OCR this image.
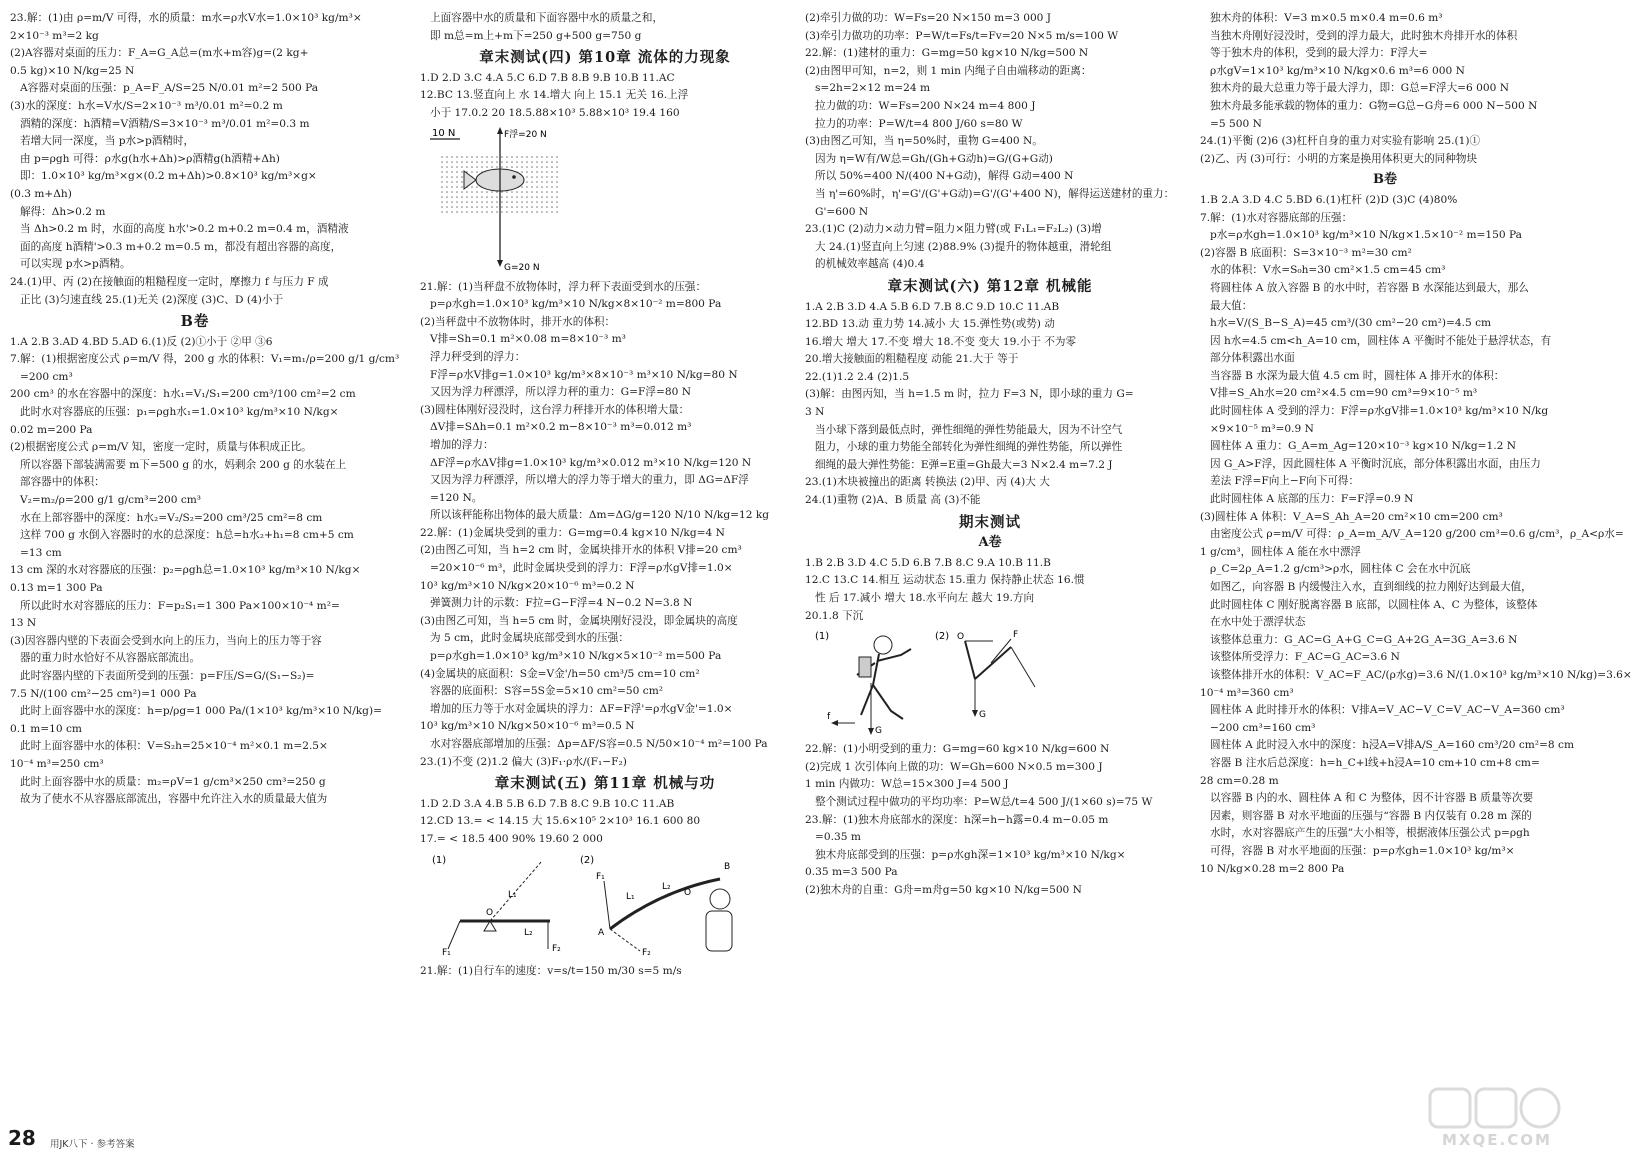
23.解：(1)由 ρ=m/V 可得，水的质量：m水=ρ水V水=1.0×10³ kg/m³×

2×10⁻³ m³=2 kg

(2)A容器对桌面的压力：F_A=G_A总=(m水+m容)g=(2 kg+

0.5 kg)×10 N/kg=25 N

A容器对桌面的压强：p_A=F_A/S=25 N/0.01 m²=2 500 Pa

(3)水的深度：h水=V水/S=2×10⁻³ m³/0.01 m²=0.2 m

酒精的深度：h酒精=V酒精/S=3×10⁻³ m³/0.01 m²=0.3 m

若增大同一深度，当 p水>p酒精时，

由 p=ρgh 可得：ρ水g(h水+Δh)>ρ酒精g(h酒精+Δh)

即：1.0×10³ kg/m³×g×(0.2 m+Δh)>0.8×10³ kg/m³×g×

(0.3 m+Δh)

解得：Δh>0.2 m

当 Δh>0.2 m 时，水面的高度 h水'>0.2 m+0.2 m=0.4 m，酒精液

面的高度 h酒精'>0.3 m+0.2 m=0.5 m，都没有超出容器的高度，

可以实现 p水>p酒精。

24.(1)甲、丙 (2)在接触面的粗糙程度一定时，摩擦力 f 与压力 F 成

正比 (3)匀速直线 25.(1)无关 (2)深度 (3)C、D (4)小于

B卷

1.A 2.B 3.AD 4.BD 5.AD 6.(1)反 (2)①小于 ②甲 ③6

7.解：(1)根据密度公式 ρ=m/V 得，200 g 水的体积：V₁=m₁/ρ=200 g/1 g/cm³

=200 cm³

200 cm³ 的水在容器中的深度：h水₁=V₁/S₁=200 cm³/100 cm²=2 cm

此时水对容器底的压强：p₁=ρgh水₁=1.0×10³ kg/m³×10 N/kg×

0.02 m=200 Pa

(2)根据密度公式 ρ=m/V 知，密度一定时，质量与体积成正比。

所以容器下部装满需要 m下=500 g 的水，妈剩余 200 g 的水装在上

部容器中的体积：

V₂=m₂/ρ=200 g/1 g/cm³=200 cm³

水在上部容器中的深度：h水₂=V₂/S₂=200 cm³/25 cm²=8 cm

这样 700 g 水倒入容器时的水的总深度：h总=h水₂+h₁=8 cm+5 cm

=13 cm

13 cm 深的水对容器底的压强：p₂=ρgh总=1.0×10³ kg/m³×10 N/kg×

0.13 m=1 300 Pa

所以此时水对容器底的压力：F=p₂S₁=1 300 Pa×100×10⁻⁴ m²=

13 N

(3)因容器内壁的下表面会受到水向上的压力，当向上的压力等于容

器的重力时水恰好不从容器底部流出。

此时容器内壁的下表面所受到的压强：p=F压/S=G/(S₁−S₂)=

7.5 N/(100 cm²−25 cm²)=1 000 Pa

此时上面容器中水的深度：h=p/ρg=1 000 Pa/(1×10³ kg/m³×10 N/kg)=

0.1 m=10 cm

此时上面容器中水的体积：V=S₂h=25×10⁻⁴ m²×0.1 m=2.5×

10⁻⁴ m³=250 cm³

此时上面容器中水的质量：m₂=ρV=1 g/cm³×250 cm³=250 g

故为了使水不从容器底部流出，容器中允许注入水的质量最大值为

上面容器中水的质量和下面容器中水的质量之和，

即 m总=m上+m下=250 g+500 g=750 g

章末测试(四) 第10章 流体的力现象

1.D 2.D 3.C 4.A 5.C 6.D 7.B 8.B 9.B 10.B 11.AC

12.BC 13.竖直向上 水 14.增大 向上 15.1 无关 16.上浮

小于 17.0.2 20 18.5.88×10³ 5.88×10³ 19.4 160

10 N	F浮=20 N
G=20 N

21.解：(1)当秤盘不放物体时，浮力秤下表面受到水的压强：

p=ρ水gh=1.0×10³ kg/m³×10 N/kg×8×10⁻² m=800 Pa

(2)当秤盘中不放物体时，排开水的体积：

V排=Sh=0.1 m²×0.08 m=8×10⁻³ m³

浮力秤受到的浮力：

F浮=ρ水V排g=1.0×10³ kg/m³×8×10⁻³ m³×10 N/kg=80 N

又因为浮力秤漂浮，所以浮力秤的重力：G=F浮=80 N

(3)圆柱体刚好浸没时，这台浮力秤排开水的体积增大量：

ΔV排=SΔh=0.1 m²×0.2 m−8×10⁻³ m³=0.012 m³

增加的浮力：

ΔF浮=ρ水ΔV排g=1.0×10³ kg/m³×0.012 m³×10 N/kg=120 N

又因为浮力秤漂浮，所以增大的浮力等于增大的重力，即 ΔG=ΔF浮

=120 N。

所以该秤能称出物体的最大质量：Δm=ΔG/g=120 N/10 N/kg=12 kg

22.解：(1)金属块受到的重力：G=mg=0.4 kg×10 N/kg=4 N

(2)由图乙可知，当 h=2 cm 时，金属块排开水的体积 V排=20 cm³

=20×10⁻⁶ m³，此时金属块受到的浮力：F浮=ρ水gV排=1.0×

10³ kg/m³×10 N/kg×20×10⁻⁶ m³=0.2 N

弹簧测力计的示数：F拉=G−F浮=4 N−0.2 N=3.8 N

(3)由图乙可知，当 h=5 cm 时，金属块刚好浸没，即金属块的高度

为 5 cm，此时金属块底部受到水的压强：

p=ρ水gh=1.0×10³ kg/m³×10 N/kg×5×10⁻² m=500 Pa

(4)金属块的底面积：S金=V金'/h=50 cm³/5 cm=10 cm²

容器的底面积：S容=5S金=5×10 cm²=50 cm²

增加的压力等于水对金属块的浮力：ΔF=F浮'=ρ水gV金'=1.0×

10³ kg/m³×10 N/kg×50×10⁻⁶ m³=0.5 N

水对容器底部增加的压强：Δp=ΔF/S容=0.5 N/50×10⁻⁴ m²=100 Pa

23.(1)不变 (2)1.2 偏大 (3)F₁·ρ水/(F₁−F₂)

章末测试(五) 第11章 机械与功

1.D 2.D 3.A 4.B 5.B 6.D 7.B 8.C 9.B 10.C 11.AB

12.CD 13.= < 14.15 大 15.6×10⁵ 2×10³ 16.1 600 80

17.= < 18.5 400 90% 19.60 2 000

(1)
F₁
L₁
O
L₂
F₂
(2)
F₁
L₁	O
L₂
F₂
A
B

21.解：(1)自行车的速度：v=s/t=150 m/30 s=5 m/s

(2)牵引力做的功：W=Fs=20 N×150 m=3 000 J

(3)牵引力做功的功率：P=W/t=Fs/t=Fv=20 N×5 m/s=100 W

22.解：(1)建材的重力：G=mg=50 kg×10 N/kg=500 N

(2)由图甲可知，n=2，则 1 min 内绳子自由端移动的距离：

s=2h=2×12 m=24 m

拉力做的功：W=Fs=200 N×24 m=4 800 J

拉力的功率：P=W/t=4 800 J/60 s=80 W

(3)由图乙可知，当 η=50%时，重物 G=400 N。

因为 η=W有/W总=Gh/(Gh+G动h)=G/(G+G动)

所以 50%=400 N/(400 N+G动)，解得 G动=400 N

当 η'=60%时，η'=G'/(G'+G动)=G'/(G'+400 N)，解得运送建材的重力：

G'=600 N

23.(1)C (2)动力×动力臂=阻力×阻力臂(或 F₁L₁=F₂L₂) (3)增

大 24.(1)竖直向上匀速 (2)88.9% (3)提升的物体越重，滑轮组

的机械效率越高 (4)0.4

章末测试(六) 第12章 机械能

1.A 2.B 3.D 4.A 5.B 6.D 7.B 8.C 9.D 10.C 11.AB

12.BD 13.动 重力势 14.减小 大 15.弹性势(或势) 动

16.增大 增大 17.不变 增大 18.不变 变大 19.小于 不为零

20.增大接触面的粗糙程度 动能 21.大于 等于

22.(1)1.2 2.4 (2)1.5

(3)解：由图丙知，当 h=1.5 m 时，拉力 F=3 N，即小球的重力 G=

3 N

当小球下落到最低点时，弹性细绳的弹性势能最大，因为不计空气

阻力，小球的重力势能全部转化为弹性细绳的弹性势能，所以弹性

细绳的最大弹性势能：E弹=E重=Gh最大=3 N×2.4 m=7.2 J

23.(1)木块被撞出的距离 转换法 (2)甲、丙 (4)大 大

24.(1)重物 (2)A、B 质量 高 (3)不能

期末测试
A卷

1.B 2.B 3.D 4.C 5.D 6.B 7.B 8.C 9.A 10.B 11.B

12.C 13.C 14.相互 运动状态 15.重力 保持静止状态 16.惯

性 后 17.减小 增大 18.水平向左 越大 19.方向

20.1.8 下沉

(1)
f
G
(2) O	F
G

22.解：(1)小明受到的重力：G=mg=60 kg×10 N/kg=600 N

(2)完成 1 次引体向上做的功：W=Gh=600 N×0.5 m=300 J

1 min 内做功：W总=15×300 J=4 500 J

整个测试过程中做功的平均功率：P=W总/t=4 500 J/(1×60 s)=75 W

23.解：(1)独木舟底部水的深度：h深=h−h露=0.4 m−0.05 m

=0.35 m

独木舟底部受到的压强：p=ρ水gh深=1×10³ kg/m³×10 N/kg×

0.35 m=3 500 Pa

(2)独木舟的自重：G舟=m舟g=50 kg×10 N/kg=500 N

独木舟的体积：V=3 m×0.5 m×0.4 m=0.6 m³

当独木舟刚好浸没时，受到的浮力最大，此时独木舟排开水的体积

等于独木舟的体积，受到的最大浮力：F浮大=

ρ水gV=1×10³ kg/m³×10 N/kg×0.6 m³=6 000 N

独木舟的最大总重力等于最大浮力，即：G总=F浮大=6 000 N

独木舟最多能承载的物体的重力：G物=G总−G舟=6 000 N−500 N

=5 500 N

24.(1)平衡 (2)6 (3)杠杆自身的重力对实验有影响 25.(1)①

(2)乙、丙 (3)可行：小明的方案是换用体积更大的同种物块

B卷

1.B 2.A 3.D 4.C 5.BD 6.(1)杠杆 (2)D (3)C (4)80%

7.解：(1)水对容器底部的压强：

p水=ρ水gh=1.0×10³ kg/m³×10 N/kg×1.5×10⁻² m=150 Pa

(2)容器 B 底面积：S=3×10⁻³ m²=30 cm²

水的体积：V水=S₀h=30 cm²×1.5 cm=45 cm³

将圆柱体 A 放入容器 B 的水中时，若容器 B 水深能达到最大，那么

最大值：

h水=V/(S_B−S_A)=45 cm³/(30 cm²−20 cm²)=4.5 cm

因 h水=4.5 cm<h_A=10 cm，圆柱体 A 平衡时不能处于悬浮状态，有

部分体积露出水面

当容器 B 水深为最大值 4.5 cm 时，圆柱体 A 排开水的体积：

V排=S_Ah水=20 cm²×4.5 cm=90 cm³=9×10⁻⁵ m³

此时圆柱体 A 受到的浮力：F浮=ρ水gV排=1.0×10³ kg/m³×10 N/kg

×9×10⁻⁵ m³=0.9 N

圆柱体 A 重力：G_A=m_Ag=120×10⁻³ kg×10 N/kg=1.2 N

因 G_A>F浮，因此圆柱体 A 平衡时沉底，部分体积露出水面，由压力

差法 F浮=F向上−F向下可得：

此时圆柱体 A 底部的压力：F=F浮=0.9 N

(3)圆柱体 A 体积：V_A=S_Ah_A=20 cm²×10 cm=200 cm³

由密度公式 ρ=m/V 可得：ρ_A=m_A/V_A=120 g/200 cm³=0.6 g/cm³，ρ_A<ρ水=

1 g/cm³，圆柱体 A 能在水中漂浮

ρ_C=2ρ_A=1.2 g/cm³>ρ水，圆柱体 C 会在水中沉底

如图乙，向容器 B 内缓慢注入水，直到细线的拉力刚好达到最大值，

此时圆柱体 C 刚好脱离容器 B 底部，以圆柱体 A、C 为整体，该整体

在水中处于漂浮状态

该整体总重力：G_AC=G_A+G_C=G_A+2G_A=3G_A=3.6 N

该整体所受浮力：F_AC=G_AC=3.6 N

该整体排开水的体积：V_AC=F_AC/(ρ水g)=3.6 N/(1.0×10³ kg/m³×10 N/kg)=3.6×

10⁻⁴ m³=360 cm³

圆柱体 A 此时排开水的体积：V排A=V_AC−V_C=V_AC−V_A=360 cm³

−200 cm³=160 cm³

圆柱体 A 此时浸入水中的深度：h浸A=V排A/S_A=160 cm³/20 cm²=8 cm

容器 B 注水后总深度：h=h_C+l线+h浸A=10 cm+10 cm+8 cm=

28 cm=0.28 m

以容器 B 内的水、圆柱体 A 和 C 为整体，因不计容器 B 质量等次要

因素，则容器 B 对水平地面的压强与“容器 B 内仅装有 0.28 m 深的

水时，水对容器底产生的压强”大小相等，根据液体压强公式 p=ρgh

可得，容器 B 对水平地面的压强：p=ρ水gh=1.0×10³ kg/m³×

10 N/kg×0.28 m=2 800 Pa

28 用JK八下 · 参考答案	MXQE.COM
